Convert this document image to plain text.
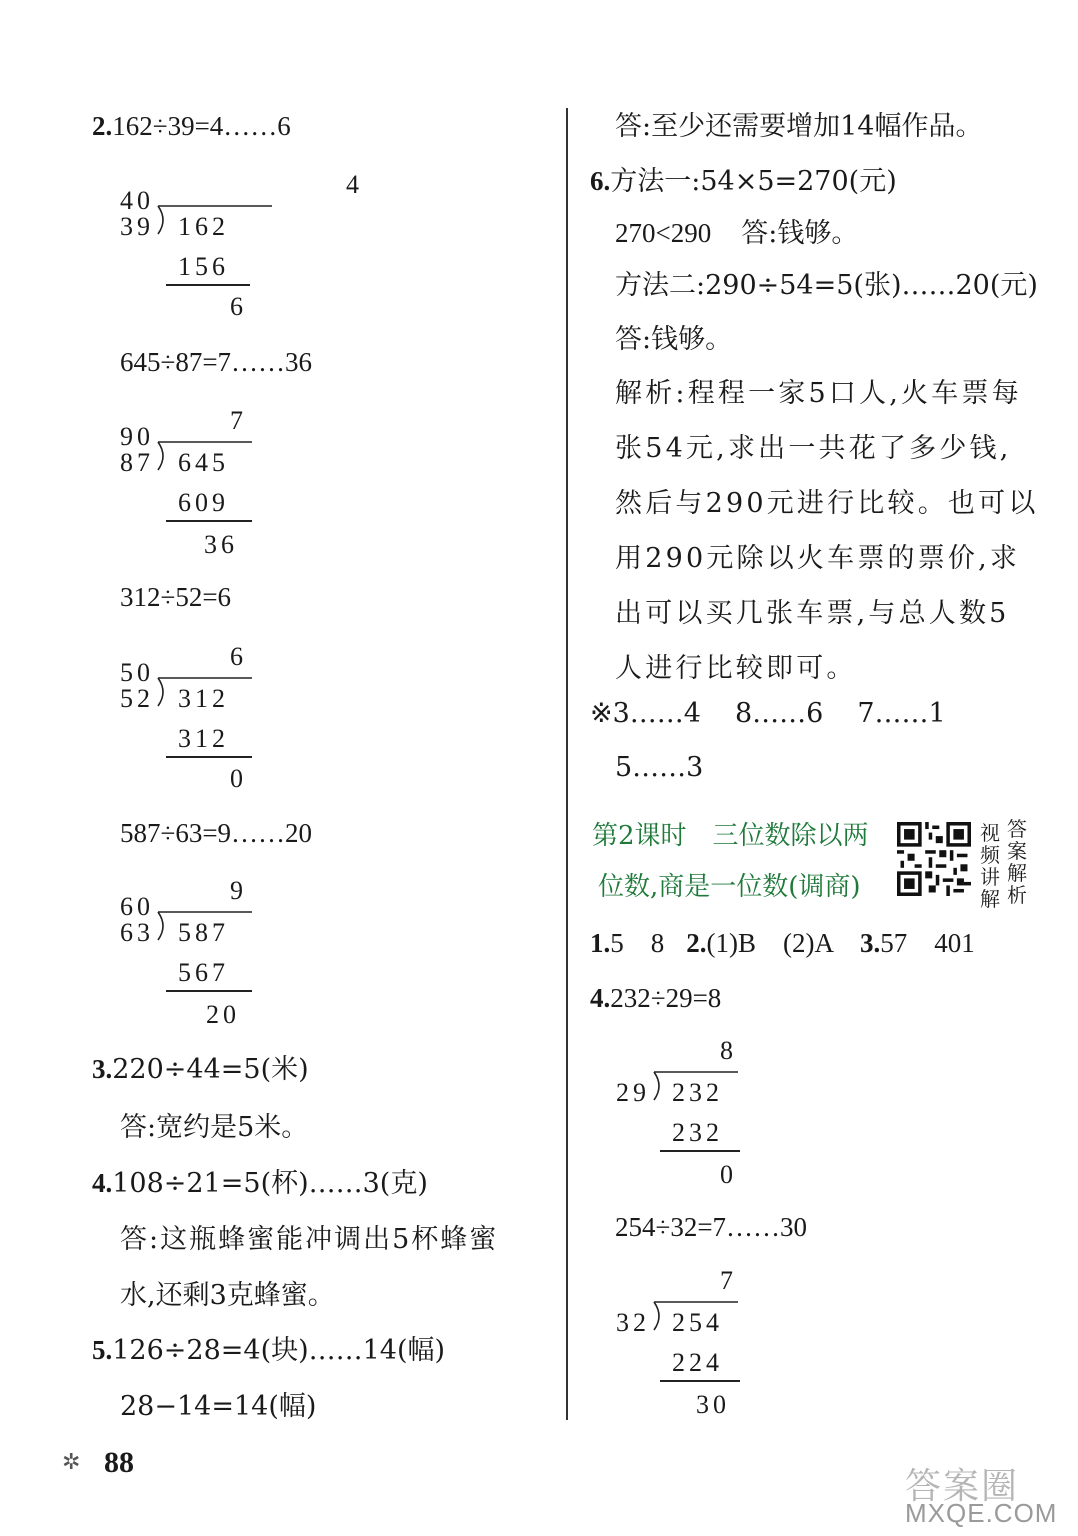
2.162÷39=4……6
40
4
39 162
156
6
645÷87=7……36
90
7
87 645
609
36
312÷52=6
50
6
52 312
312
0
587÷63=9……20
60
9
63 587
567
20
3.220÷44=5(米)
答:宽约是5米。
4.108÷21=5(杯)……3(克)
答:这瓶蜂蜜能冲调出5杯蜂蜜
水,还剩3克蜂蜜。
5.126÷28=4(块)……14(幅)
28−14=14(幅)
答:至少还需要增加14幅作品。
6.方法一:54×5=270(元)
270<290 答:钱够。
方法二:290÷54=5(张)……20(元)
答:钱够。
解析:程程一家5口人,火车票每
张54元,求出一共花了多少钱,
然后与290元进行比较。也可以
用290元除以火车票的票价,求
出可以买几张车票,与总人数5
人进行比较即可。
※3……4 8……6 7……1
5……3
第2课时 三位数除以两
位数,商是一位数(调商)
视
频
讲
解
答
案
解
析
1.5　8 2.(1)B　(2)A 3.57　401
4.232÷29=8
8
29 232
232
0
254÷32=7……30
7
32 254
224
30
✲ 88
答案圈
MXQE.COM
